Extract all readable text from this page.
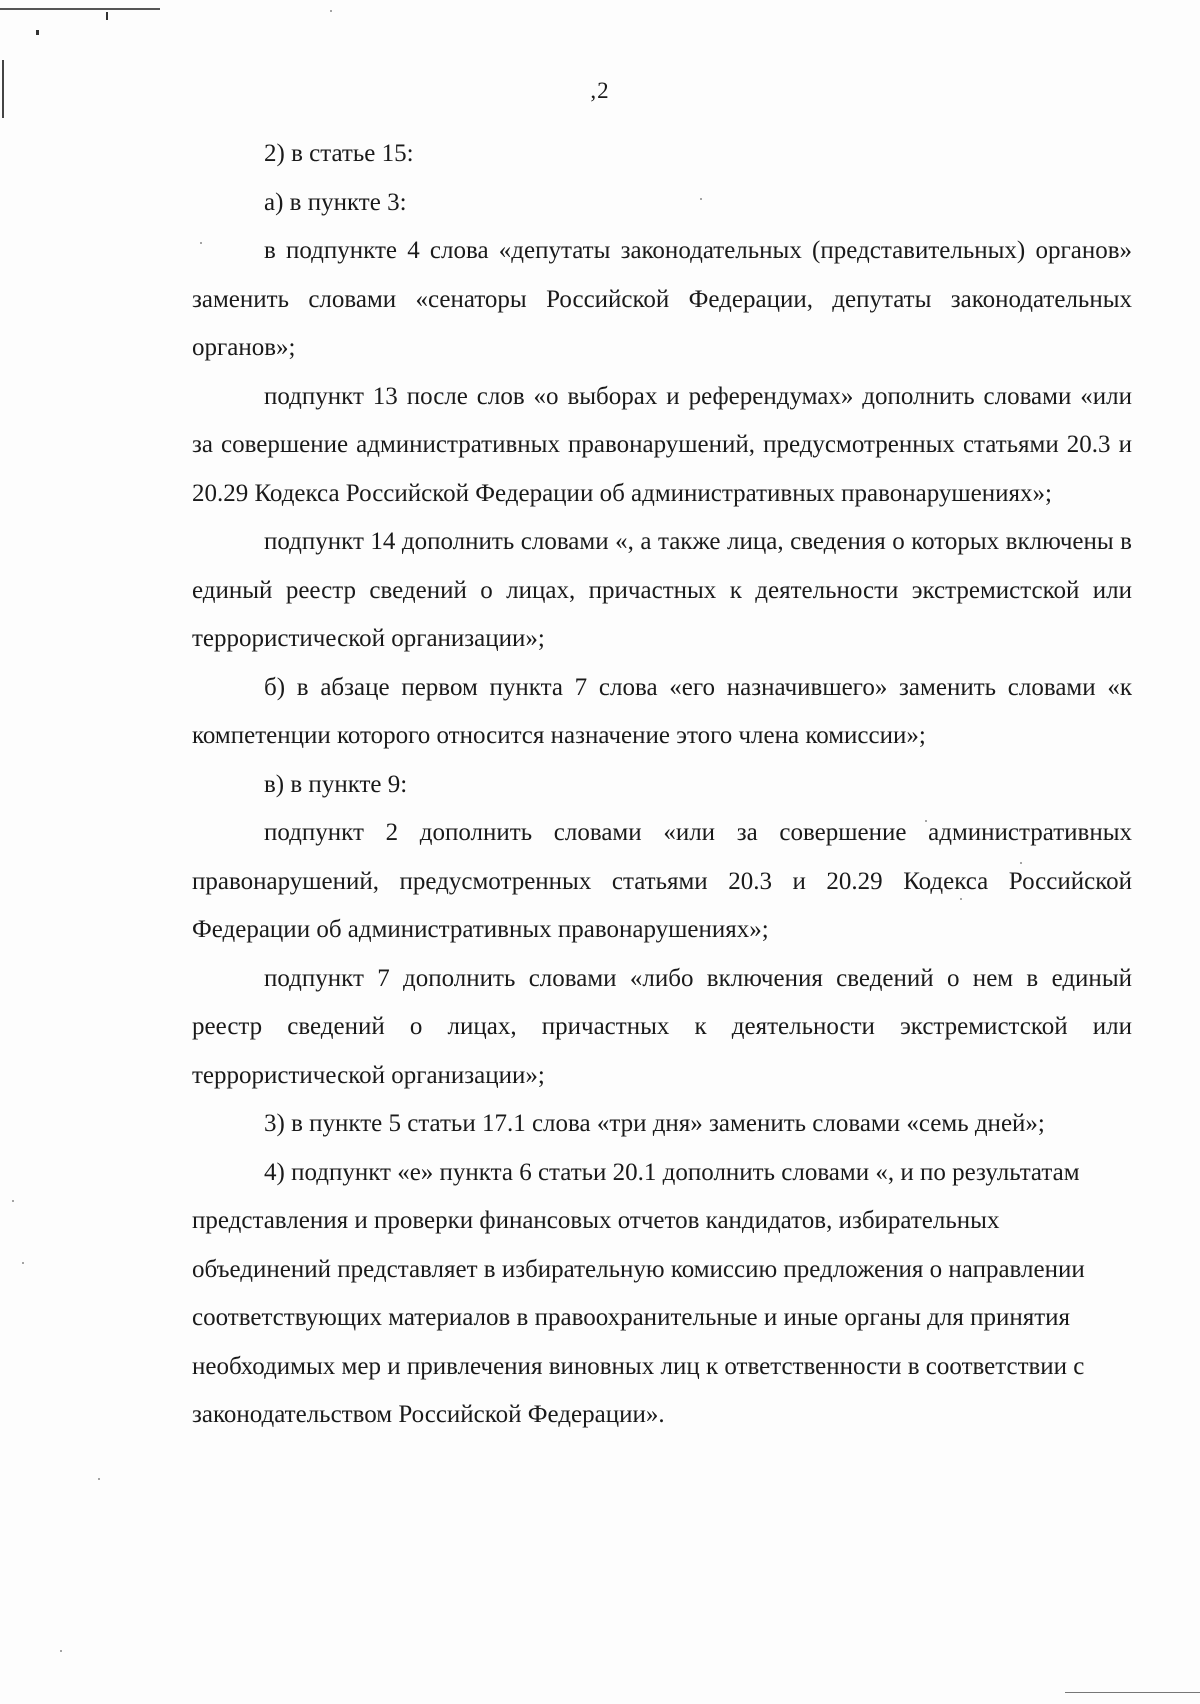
,2

2) в статье 15:

а) в пункте 3:

в подпункте 4 слова «депутаты законодательных (представительных) органов» заменить словами «сенаторы Российской Федерации, депутаты законодательных органов»;

подпункт 13 после слов «о выборах и референдумах» дополнить словами «или за совершение административных правонарушений, предусмотренных статьями 20.3 и 20.29 Кодекса Российской Федерации об административных правонарушениях»;

подпункт 14 дополнить словами «, а также лица, сведения о которых включены в единый реестр сведений о лицах, причастных к деятельности экстремистской или террористической организации»;

б) в абзаце первом пункта 7 слова «его назначившего» заменить словами «к компетенции которого относится назначение этого члена комиссии»;

в) в пункте 9:

подпункт 2 дополнить словами «или за совершение административных правонарушений, предусмотренных статьями 20.3 и 20.29 Кодекса Российской Федерации об административных правонарушениях»;

подпункт 7 дополнить словами «либо включения сведений о нем в единый реестр сведений о лицах, причастных к деятельности экстремистской или террористической организации»;

3) в пункте 5 статьи 17.1 слова «три дня» заменить словами «семь дней»;

4) подпункт «е» пункта 6 статьи 20.1 дополнить словами «, и по результатам представления и проверки финансовых отчетов кандидатов, избирательных объединений представляет в избирательную комиссию предложения о направлении соответствующих материалов в правоохранительные и иные органы для принятия необходимых мер и привлечения виновных лиц к ответственности в соответствии с законодательством Российской Федерации».
